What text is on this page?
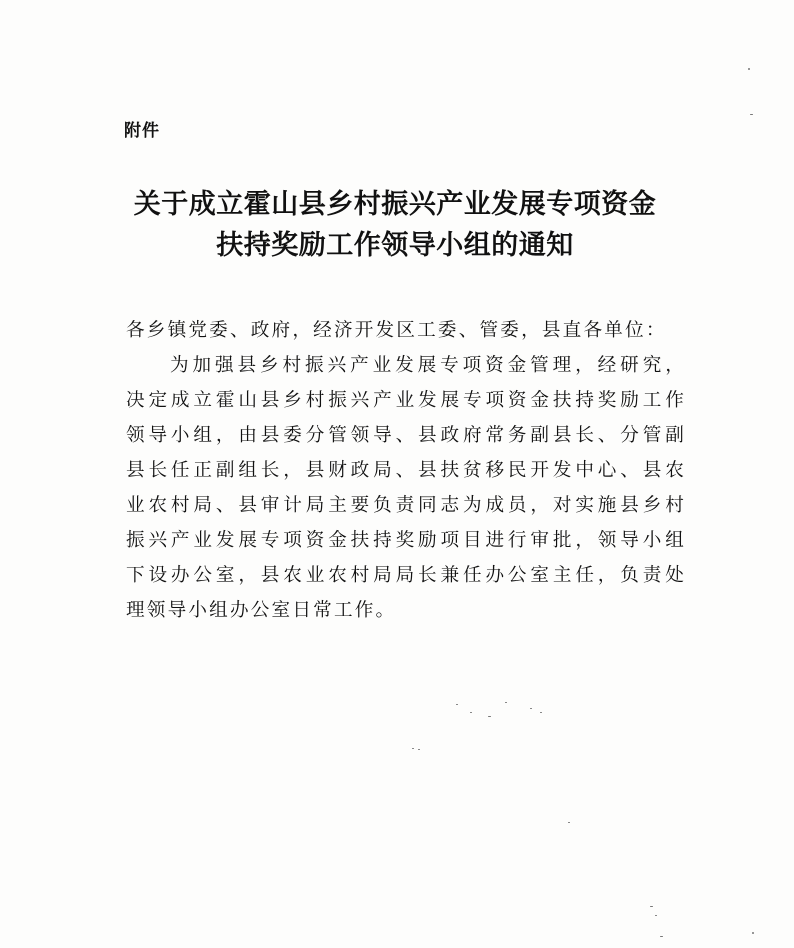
附件
关于成立霍山县乡村振兴产业发展专项资金
扶持奖励工作领导小组的通知

各乡镇党委、政府，经济开发区工委、管委，县直各单位：

为加强县乡村振兴产业发展专项资金管理，经研究，
决定成立霍山县乡村振兴产业发展专项资金扶持奖励工作
领导小组，由县委分管领导、县政府常务副县长、分管副
县长任正副组长，县财政局、县扶贫移民开发中心、县农
业农村局、县审计局主要负责同志为成员，对实施县乡村
振兴产业发展专项资金扶持奖励项目进行审批，领导小组
下设办公室，县农业农村局局长兼任办公室主任，负责处
理领导小组办公室日常工作。
